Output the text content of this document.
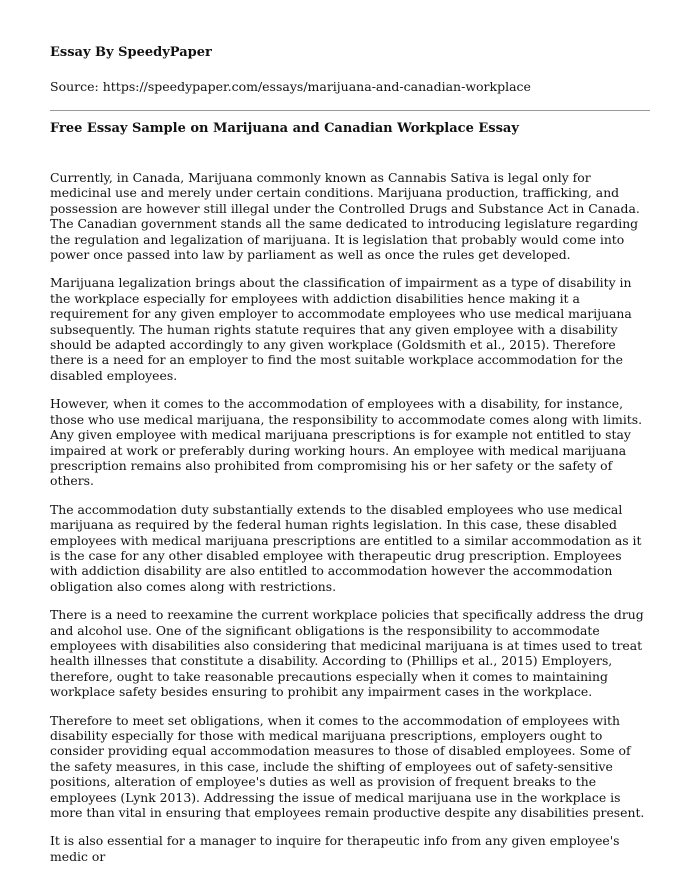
Essay By SpeedyPaper

Source: https://speedypaper.com/essays/marijuana-and-canadian-workplace
Free Essay Sample on Marijuana and Canadian Workplace Essay

Currently, in Canada, Marijuana commonly known as Cannabis Sativa is legal only for medicinal use and merely under certain conditions. Marijuana production, trafficking, and possession are however still illegal under the Controlled Drugs and Substance Act in Canada. The Canadian government stands all the same dedicated to introducing legislature regarding the regulation and legalization of marijuana. It is legislation that probably would come into power once passed into law by parliament as well as once the rules get developed.

Marijuana legalization brings about the classification of impairment as a type of disability in the workplace especially for employees with addiction disabilities hence making it a requirement for any given employer to accommodate employees who use medical marijuana subsequently. The human rights statute requires that any given employee with a disability should be adapted accordingly to any given workplace (Goldsmith et al., 2015). Therefore there is a need for an employer to find the most suitable workplace accommodation for the disabled employees.

However, when it comes to the accommodation of employees with a disability, for instance, those who use medical marijuana, the responsibility to accommodate comes along with limits. Any given employee with medical marijuana prescriptions is for example not entitled to stay impaired at work or preferably during working hours. An employee with medical marijuana prescription remains also prohibited from compromising his or her safety or the safety of others.

The accommodation duty substantially extends to the disabled employees who use medical marijuana as required by the federal human rights legislation. In this case, these disabled employees with medical marijuana prescriptions are entitled to a similar accommodation as it is the case for any other disabled employee with therapeutic drug prescription. Employees with addiction disability are also entitled to accommodation however the accommodation obligation also comes along with restrictions.

There is a need to reexamine the current workplace policies that specifically address the drug and alcohol use. One of the significant obligations is the responsibility to accommodate employees with disabilities also considering that medicinal marijuana is at times used to treat health illnesses that constitute a disability. According to (Phillips et al., 2015) Employers, therefore, ought to take reasonable precautions especially when it comes to maintaining workplace safety besides ensuring to prohibit any impairment cases in the workplace.

Therefore to meet set obligations, when it comes to the accommodation of employees with disability especially for those with medical marijuana prescriptions, employers ought to consider providing equal accommodation measures to those of disabled employees. Some of the safety measures, in this case, include the shifting of employees out of safety-sensitive positions, alteration of employee's duties as well as provision of frequent breaks to the employees (Lynk 2013). Addressing the issue of medical marijuana use in the workplace is more than vital in ensuring that employees remain productive despite any disabilities present.

It is also essential for a manager to inquire for therapeutic info from any given employee's medic or
